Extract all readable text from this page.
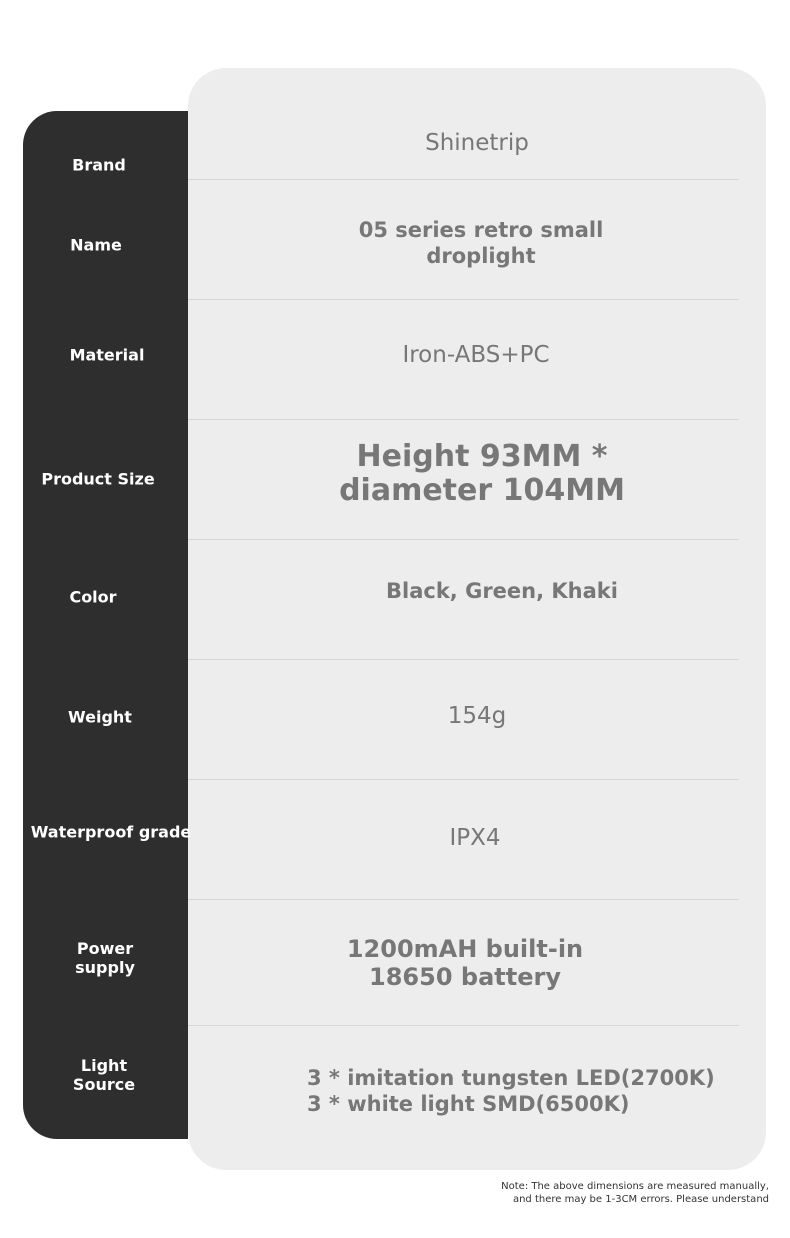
Brand
Name
Material
Product Size
Color
Weight
Waterproof grade
Power
supply
Light
Source
Shinetrip
05 series retro small
droplight
Iron-ABS+PC
Height 93MM * diameter 104MM
Black, Green, Khaki
154g
IPX4
1200mAH built-in 18650 battery
3 * imitation tungsten LED(2700K)
3 * white light SMD(6500K)
Note: The above dimensions are measured manually,
and there may be 1-3CM errors. Please understand
